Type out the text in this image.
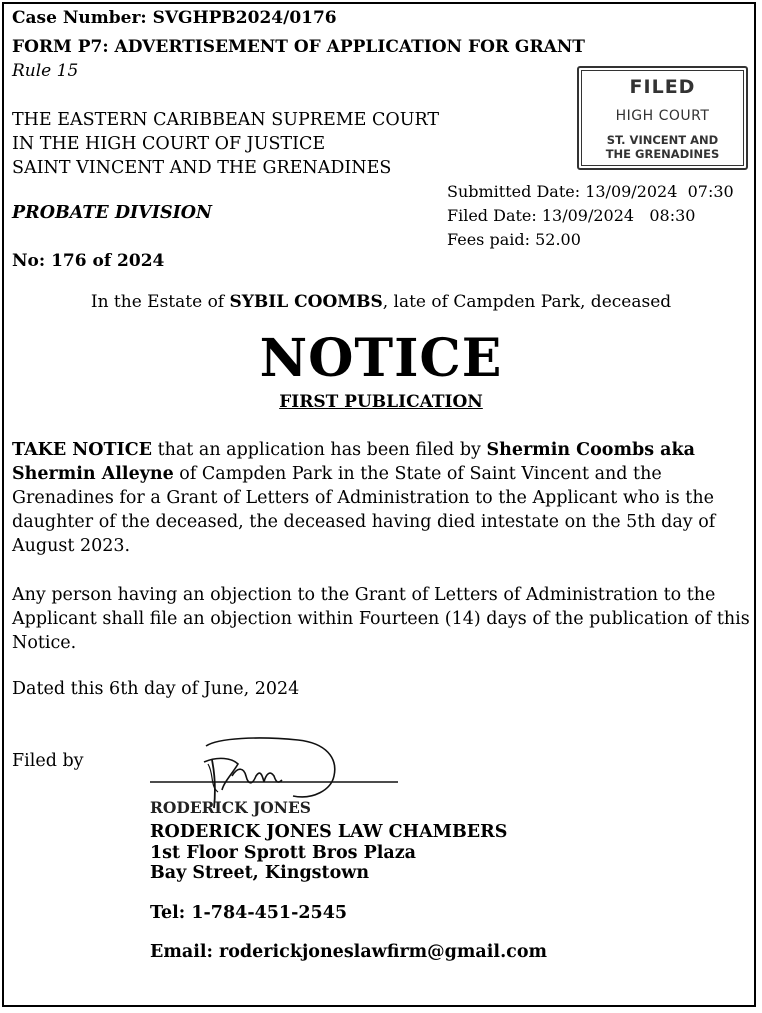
Case Number: SVGHPB2024/0176
FORM P7: ADVERTISEMENT OF APPLICATION FOR GRANT
Rule 15
THE EASTERN CARIBBEAN SUPREME COURT
IN THE HIGH COURT OF JUSTICE
SAINT VINCENT AND THE GRENADINES
PROBATE DIVISION
No: 176 of 2024
FILED
HIGH COURT
ST. VINCENT AND
THE GRENADINES
Submitted Date: 13/09/2024  07:30
Filed Date: 13/09/2024   08:30
Fees paid: 52.00
In the Estate of SYBIL COOMBS, late of Campden Park, deceased
NOTICE
FIRST PUBLICATION
TAKE NOTICE that an application has been filed by Shermin Coombs aka Shermin Alleyne of Campden Park in the State of Saint Vincent and the Grenadines for a Grant of Letters of Administration to the Applicant who is the daughter of the deceased, the deceased having died intestate on the 5th day of August 2023.
Any person having an objection to the Grant of Letters of Administration to the Applicant shall file an objection within Fourteen (14) days of the publication of this Notice.
Dated this 6th day of June, 2024
Filed by
RODERICK JONES
RODERICK JONES LAW CHAMBERS
1st Floor Sprott Bros Plaza
Bay Street, Kingstown
Tel: 1-784-451-2545
Email: roderickjoneslawfirm@gmail.com
